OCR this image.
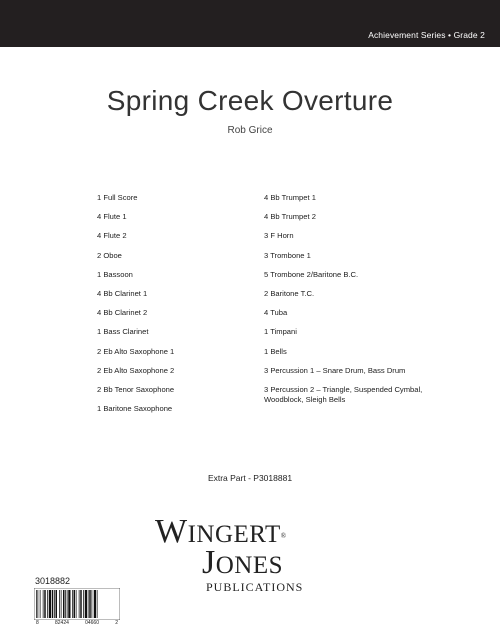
Achievement Series • Grade 2
Spring Creek Overture
Rob Grice
1 Full Score
4 Flute 1
4 Flute 2
2 Oboe
1 Bassoon
4 Bb Clarinet 1
4 Bb Clarinet 2
1 Bass Clarinet
2 Eb Alto Saxophone 1
2 Eb Alto Saxophone 2
2 Bb Tenor Saxophone
1 Baritone Saxophone
4 Bb Trumpet 1
4 Bb Trumpet 2
3 F Horn
3 Trombone 1
5 Trombone 2/Baritone B.C.
2 Baritone T.C.
4 Tuba
1 Timpani
1 Bells
3 Percussion 1 – Snare Drum, Bass Drum
3 Percussion 2 – Triangle, Suspended Cymbal, Woodblock, Sleigh Bells
Extra Part - P3018881
WINGERT®
JONES
PUBLICATIONS
3018882
8	82424	04660	2
